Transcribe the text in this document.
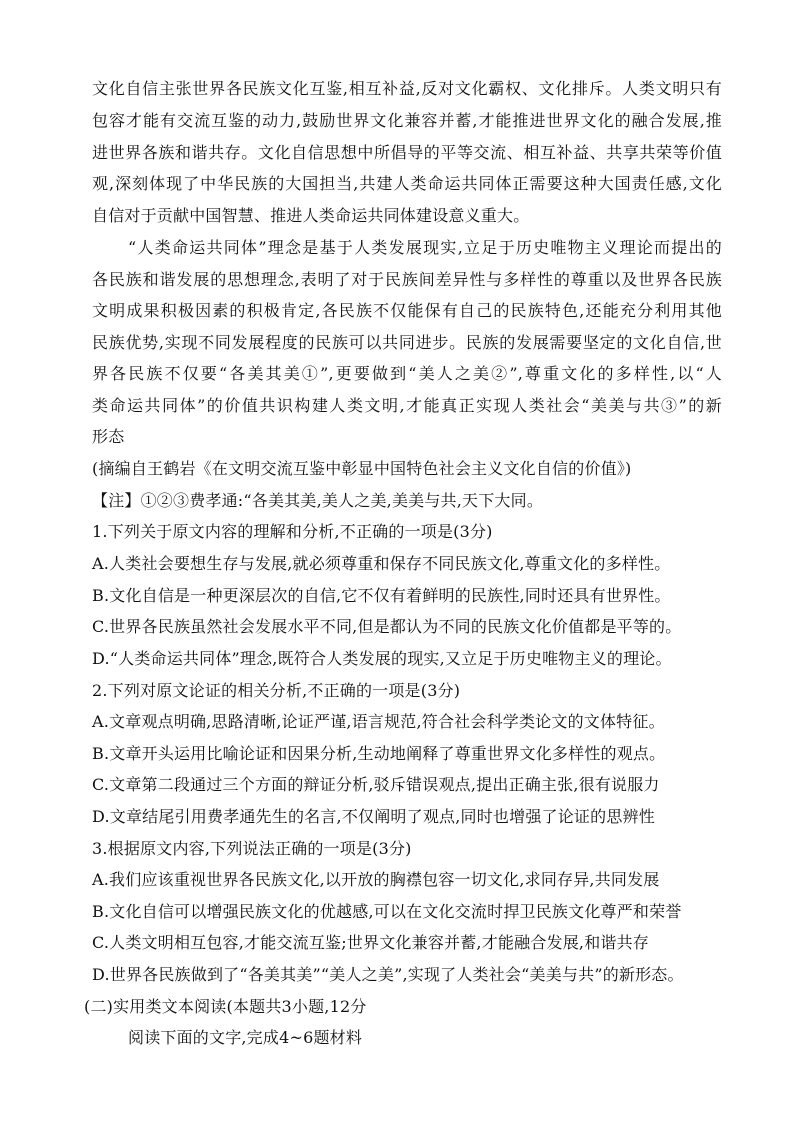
文化自信主张世界各民族文化互鉴,相互补益,反对文化霸权、文化排斥。人类文明只有
包容才能有交流互鉴的动力,鼓励世界文化兼容并蓄,才能推进世界文化的融合发展,推
进世界各族和谐共存。文化自信思想中所倡导的平等交流、相互补益、共享共荣等价值
观,深刻体现了中华民族的大国担当,共建人类命运共同体正需要这种大国责任感,文化
自信对于贡献中国智慧、推进人类命运共同体建设意义重大。
“人类命运共同体”理念是基于人类发展现实,立足于历史唯物主义理论而提出的
各民族和谐发展的思想理念,表明了对于民族间差异性与多样性的尊重以及世界各民族
文明成果积极因素的积极肯定,各民族不仅能保有自己的民族特色,还能充分利用其他
民族优势,实现不同发展程度的民族可以共同进步。民族的发展需要坚定的文化自信,世
界各民族不仅要“各美其美①”,更要做到“美人之美②”,尊重文化的多样性,以“人
类命运共同体”的价值共识构建人类文明,才能真正实现人类社会“美美与共③”的新
形态
(摘编自王鹤岩《在文明交流互鉴中彰显中国特色社会主义文化自信的价值》)
【注】①②③费孝通:“各美其美,美人之美,美美与共,天下大同。
1.下列关于原文内容的理解和分析,不正确的一项是(3分)
A.人类社会要想生存与发展,就必须尊重和保存不同民族文化,尊重文化的多样性。
B.文化自信是一种更深层次的自信,它不仅有着鲜明的民族性,同时还具有世界性。
C.世界各民族虽然社会发展水平不同,但是都认为不同的民族文化价值都是平等的。
D.“人类命运共同体”理念,既符合人类发展的现实,又立足于历史唯物主义的理论。
2.下列对原文论证的相关分析,不正确的一项是(3分)
A.文章观点明确,思路清晰,论证严谨,语言规范,符合社会科学类论文的文体特征。
B.文章开头运用比喻论证和因果分析,生动地阐释了尊重世界文化多样性的观点。
C.文章第二段通过三个方面的辩证分析,驳斥错误观点,提出正确主张,很有说服力
D.文章结尾引用费孝通先生的名言,不仅阐明了观点,同时也增强了论证的思辨性
3.根据原文内容,下列说法正确的一项是(3分)
A.我们应该重视世界各民族文化,以开放的胸襟包容一切文化,求同存异,共同发展
B.文化自信可以增强民族文化的优越感,可以在文化交流时捍卫民族文化尊严和荣誉
C.人类文明相互包容,才能交流互鉴;世界文化兼容并蓄,才能融合发展,和谐共存
D.世界各民族做到了“各美其美”“美人之美”,实现了人类社会“美美与共”的新形态。
(二)实用类文本阅读(本题共3小题,12分
阅读下面的文字,完成4~6题材料
